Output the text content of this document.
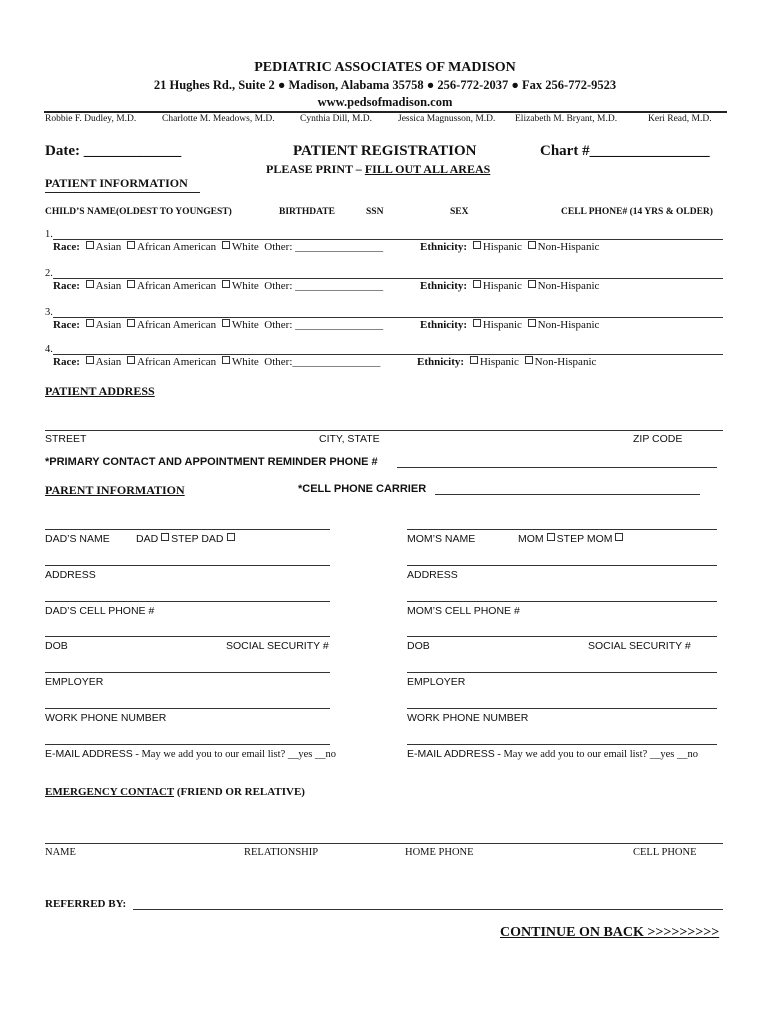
PEDIATRIC ASSOCIATES OF MADISON
21 Hughes Rd., Suite 2 ● Madison, Alabama 35758 ● 256-772-2037 ● Fax 256-772-9523
www.pedsofmadison.com
Robbie F. Dudley, M.D.	Charlotte M. Meadows, M.D.	Cynthia Dill, M.D.	Jessica Magnusson, M.D. Elizabeth M. Bryant, M.D.	Keri Read, M.D.
Date: _____________	PATIENT REGISTRATION	Chart #________________
PLEASE PRINT – FILL OUT ALL AREAS
PATIENT INFORMATION
CHILD’S NAME(OLDEST TO YOUNGEST)	BIRTHDATE	SSN	SEX	CELL PHONE# (14 YRS & OLDER)
1.
Race: Asian African American White Other: ________________	Ethnicity: Hispanic Non-Hispanic
2.
Race: Asian African American White Other: ________________	Ethnicity: Hispanic Non-Hispanic
3.
Race: Asian African American White Other: ________________	Ethnicity: Hispanic Non-Hispanic
4.
Race: Asian African American White Other:________________	Ethnicity: Hispanic Non-Hispanic
PATIENT ADDRESS
STREET	CITY, STATE	ZIP CODE
*PRIMARY CONTACT AND APPOINTMENT REMINDER PHONE #
PARENT INFORMATION	*CELL PHONE CARRIER
DAD’S NAME DAD STEP DAD
ADDRESS
DAD’S CELL PHONE #
DOB	SOCIAL SECURITY #
EMPLOYER
WORK PHONE NUMBER
E-MAIL ADDRESS - May we add you to our email list? __yes __no
MOM’S NAME	MOM STEP MOM
ADDRESS
MOM’S CELL PHONE #
DOB	SOCIAL SECURITY #
EMPLOYER
WORK PHONE NUMBER
E-MAIL ADDRESS - May we add you to our email list? __yes __no
EMERGENCY CONTACT (FRIEND OR RELATIVE)
NAME	RELATIONSHIP	HOME PHONE	CELL PHONE
REFERRED BY:
CONTINUE ON BACK >>>>>>>>>
